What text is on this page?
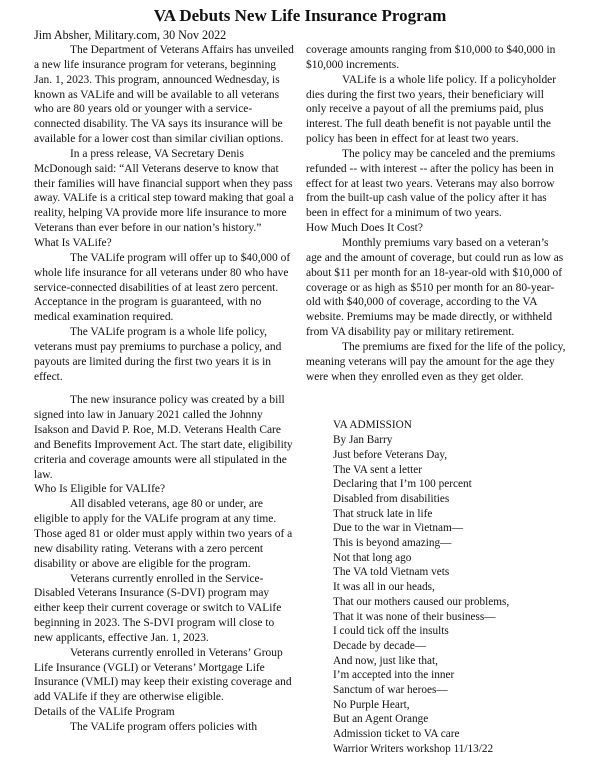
VA Debuts New Life Insurance Program
Jim Absher, Military.com, 30 Nov 2022

The Department of Veterans Affairs has unveiled a new life insurance program for veterans, beginning Jan. 1, 2023. This program, announced Wednesday, is known as VALife and will be available to all veterans who are 80 years old or younger with a service-connected disability. The VA says its insurance will be available for a lower cost than similar civilian options.

In a press release, VA Secretary Denis McDonough said: “All Veterans deserve to know that their families will have financial support when they pass away. VALife is a critical step toward making that goal a reality, helping VA provide more life insurance to more Veterans than ever before in our nation’s history.”

What Is VALife?

The VALife program will offer up to $40,000 of whole life insurance for all veterans under 80 who have service-connected disabilities of at least zero percent. Acceptance in the program is guaranteed, with no medical examination required.

The VALife program is a whole life policy, veterans must pay premiums to purchase a policy, and payouts are limited during the first two years it is in effect.

The new insurance policy was created by a bill signed into law in January 2021 called the Johnny Isakson and David P. Roe, M.D. Veterans Health Care and Benefits Improvement Act. The start date, eligibility criteria and coverage amounts were all stipulated in the law.

Who Is Eligible for VALIfe?

All disabled veterans, age 80 or under, are eligible to apply for the VALife program at any time. Those aged 81 or older must apply within two years of a new disability rating. Veterans with a zero percent disability or above are eligible for the program.

Veterans currently enrolled in the Service-Disabled Veterans Insurance (S-DVI) program may either keep their current coverage or switch to VALife beginning in 2023. The S-DVI program will close to new applicants, effective Jan. 1, 2023.

Veterans currently enrolled in Veterans’ Group Life Insurance (VGLI) or Veterans’ Mortgage Life Insurance (VMLI) may keep their existing coverage and add VALife if they are otherwise eligible.

Details of the VALife Program

The VALife program offers policies with

coverage amounts ranging from $10,000 to $40,000 in $10,000 increments.

VALife is a whole life policy. If a policyholder dies during the first two years, their beneficiary will only receive a payout of all the premiums paid, plus interest. The full death benefit is not payable until the policy has been in effect for at least two years.

The policy may be canceled and the premiums refunded -- with interest -- after the policy has been in effect for at least two years. Veterans may also borrow from the built-up cash value of the policy after it has been in effect for a minimum of two years.

How Much Does It Cost?

Monthly premiums vary based on a veteran’s age and the amount of coverage, but could run as low as about $11 per month for an 18-year-old with $10,000 of coverage or as high as $510 per month for an 80-year-old with $40,000 of coverage, according to the VA website. Premiums may be made directly, or withheld from VA disability pay or military retirement.

The premiums are fixed for the life of the policy, meaning veterans will pay the amount for the age they were when they enrolled even as they get older.

VA ADMISSION
By Jan Barry
Just before Veterans Day,
The VA sent a letter
Declaring that I’m 100 percent
Disabled from disabilities
That struck late in life
Due to the war in Vietnam—
This is beyond amazing—
Not that long ago
The VA told Vietnam vets
It was all in our heads,
That our mothers caused our problems,
That it was none of their business—
I could tick off the insults
Decade by decade—
And now, just like that,
I’m accepted into the inner
Sanctum of war heroes—
No Purple Heart,
But an Agent Orange
Admission ticket to VA care
Warrior Writers workshop 11/13/22
